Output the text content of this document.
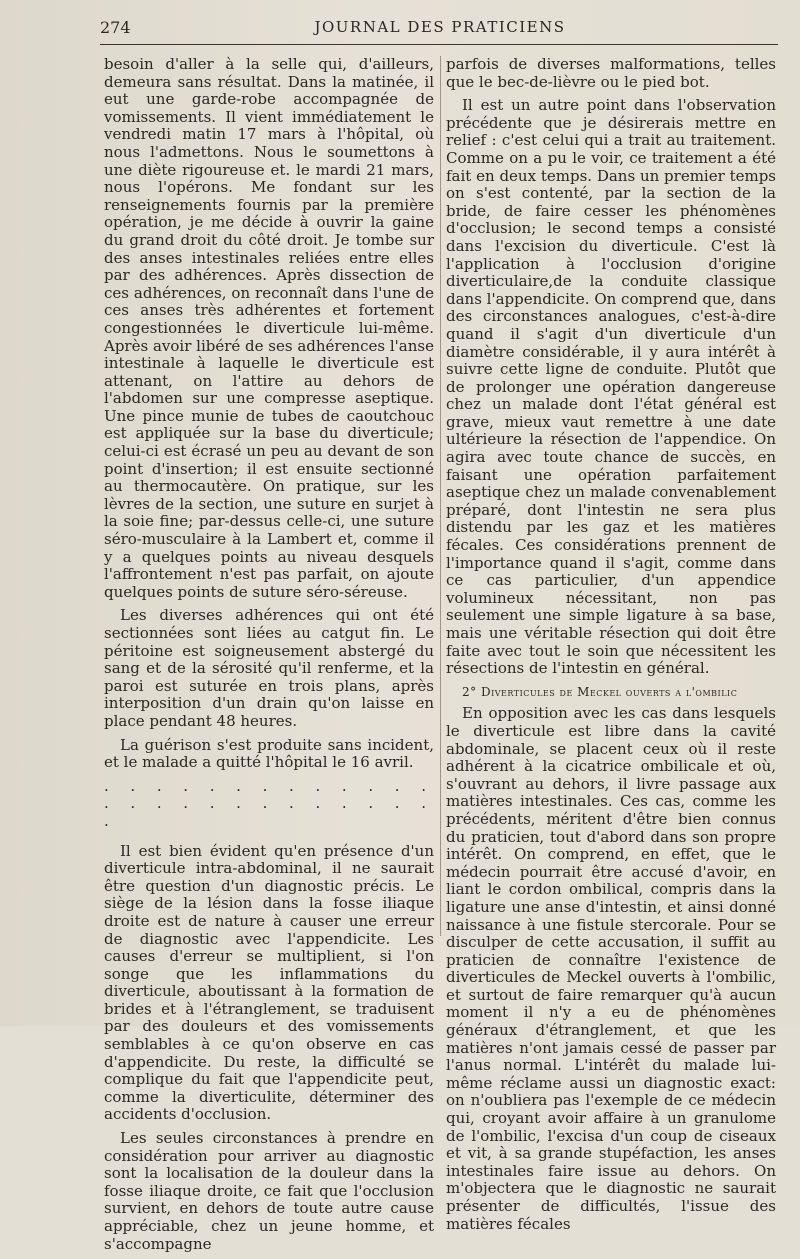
274	JOURNAL DES PRATICIENS

besoin d'aller à la selle qui, d'ailleurs, demeura sans résultat. Dans la matinée, il eut une garde-robe accompagnée de vomissements. Il vient immédiatement le vendredi matin 17 mars à l'hôpital, où nous l'admettons. Nous le soumettons à une diète rigoureuse et. le mardi 21 mars, nous l'opérons. Me fondant sur les renseignements fournis par la première opération, je me décide à ouvrir la gaine du grand droit du côté droit. Je tombe sur des anses intestinales reliées entre elles par des adhérences. Après dissection de ces adhérences, on reconnaît dans l'une de ces anses très adhérentes et fortement congestionnées le diverticule lui-même. Après avoir libéré de ses adhérences l'anse intestinale à laquelle le diverticule est attenant, on l'attire au dehors de l'abdomen sur une compresse aseptique. Une pince munie de tubes de caoutchouc est appliquée sur la base du diverticule; celui-ci est écrasé un peu au devant de son point d'insertion; il est ensuite sectionné au thermocautère. On pratique, sur les lèvres de la section, une suture en surjet à la soie fine; par-dessus celle-ci, une suture séro-musculaire à la Lambert et, comme il y a quelques points au niveau desquels l'affrontement n'est pas parfait, on ajoute quelques points de suture séro-séreuse.

Les diverses adhérences qui ont été sectionnées sont liées au catgut fin. Le péritoine est soigneusement abstergé du sang et de la sérosité qu'il renferme, et la paroi est suturée en trois plans, après interposition d'un drain qu'on laisse en place pendant 48 heures.

La guérison s'est produite sans incident, et le malade a quitté l'hôpital le 16 avril.

. . . . . . . . . . . . . . . . . . . . . . . . . . .

Il est bien évident qu'en présence d'un diverticule intra-abdominal, il ne saurait être question d'un diagnostic précis. Le siège de la lésion dans la fosse iliaque droite est de nature à causer une erreur de diagnostic avec l'appendicite. Les causes d'erreur se multiplient, si l'on songe que les inflammations du diverticule, aboutissant à la formation de brides et à l'étranglement, se traduisent par des douleurs et des vomissements semblables à ce qu'on observe en cas d'appendicite. Du reste, la difficulté se complique du fait que l'appendicite peut, comme la diverticulite, déterminer des accidents d'occlusion.

Les seules circonstances à prendre en considération pour arriver au diagnostic sont la localisation de la douleur dans la fosse iliaque droite, ce fait que l'occlusion survient, en dehors de toute autre cause appréciable, chez un jeune homme, et s'accompagne

parfois de diverses malformations, telles que le bec-de-lièvre ou le pied bot.

Il est un autre point dans l'observation précédente que je désirerais mettre en relief : c'est celui qui a trait au traitement. Comme on a pu le voir, ce traitement a été fait en deux temps. Dans un premier temps on s'est contenté, par la section de la bride, de faire cesser les phénomènes d'occlusion; le second temps a consisté dans l'excision du diverticule. C'est là l'application à l'occlusion d'origine diverticulaire,de la conduite classique dans l'appendicite. On comprend que, dans des circonstances analogues, c'est-à-dire quand il s'agit d'un diverticule d'un diamètre considérable, il y aura intérêt à suivre cette ligne de conduite. Plutôt que de prolonger une opération dangereuse chez un malade dont l'état général est grave, mieux vaut remettre à une date ultérieure la résection de l'appendice. On agira avec toute chance de succès, en faisant une opération parfaitement aseptique chez un malade convenablement préparé, dont l'intestin ne sera plus distendu par les gaz et les matières fécales. Ces considérations prennent de l'importance quand il s'agit, comme dans ce cas particulier, d'un appendice volumineux nécessitant, non pas seulement une simple ligature à sa base, mais une véritable résection qui doit être faite avec tout le soin que nécessitent les résections de l'intestin en général.

2° Diverticules de Meckel ouverts a l'ombilic

En opposition avec les cas dans lesquels le diverticule est libre dans la cavité abdominale, se placent ceux où il reste adhérent à la cicatrice ombilicale et où, s'ouvrant au dehors, il livre passage aux matières intestinales. Ces cas, comme les précédents, méritent d'être bien connus du praticien, tout d'abord dans son propre intérêt. On comprend, en effet, que le médecin pourrait être accusé d'avoir, en liant le cordon ombilical, compris dans la ligature une anse d'intestin, et ainsi donné naissance à une fistule stercorale. Pour se disculper de cette accusation, il suffit au praticien de connaître l'existence de diverticules de Meckel ouverts à l'ombilic, et surtout de faire remarquer qu'à aucun moment il n'y a eu de phénomènes généraux d'étranglement, et que les matières n'ont jamais cessé de passer par l'anus normal. L'intérêt du malade lui-même réclame aussi un diagnostic exact: on n'oubliera pas l'exemple de ce médecin qui, croyant avoir affaire à un granulome de l'ombilic, l'excisa d'un coup de ciseaux et vit, à sa grande stupéfaction, les anses intestinales faire issue au dehors. On m'objectera que le diagnostic ne saurait présenter de difficultés, l'issue des matières fécales
